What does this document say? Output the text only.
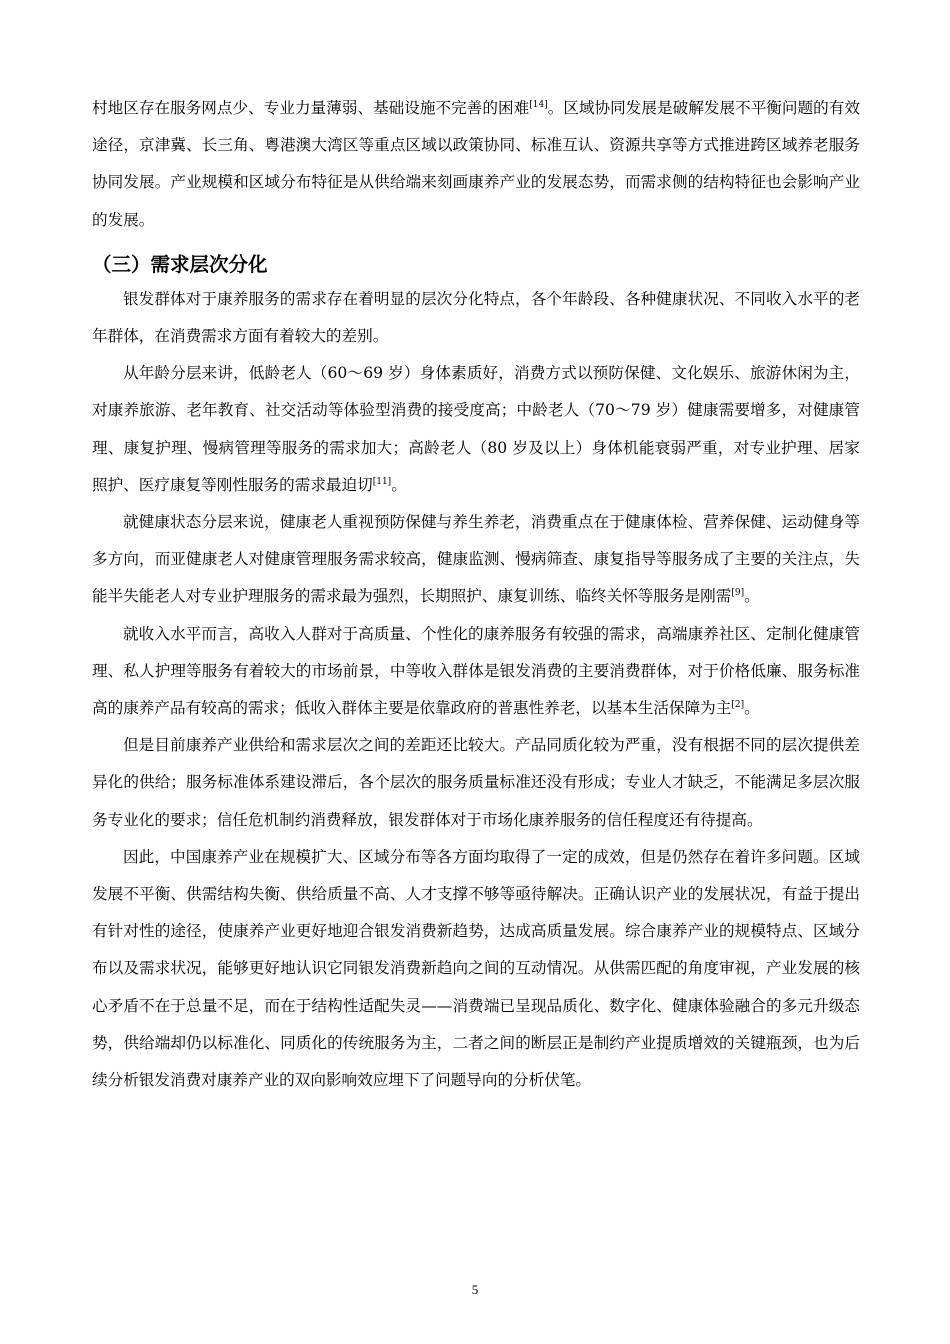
村地区存在服务网点少、专业力量薄弱、基础设施不完善的困难[14]。区域协同发展是破解发展不平衡问题的有效途径，京津冀、长三角、粤港澳大湾区等重点区域以政策协同、标准互认、资源共享等方式推进跨区域养老服务协同发展。产业规模和区域分布特征是从供给端来刻画康养产业的发展态势，而需求侧的结构特征也会影响产业的发展。

（三）需求层次分化

银发群体对于康养服务的需求存在着明显的层次分化特点，各个年龄段、各种健康状况、不同收入水平的老年群体，在消费需求方面有着较大的差别。

从年龄分层来讲，低龄老人（60～69 岁）身体素质好，消费方式以预防保健、文化娱乐、旅游休闲为主，对康养旅游、老年教育、社交活动等体验型消费的接受度高；中龄老人（70～79 岁）健康需要增多，对健康管理、康复护理、慢病管理等服务的需求加大；高龄老人（80 岁及以上）身体机能衰弱严重，对专业护理、居家照护、医疗康复等刚性服务的需求最迫切[11]。

就健康状态分层来说，健康老人重视预防保健与养生养老，消费重点在于健康体检、营养保健、运动健身等多方向，而亚健康老人对健康管理服务需求较高，健康监测、慢病筛查、康复指导等服务成了主要的关注点，失能半失能老人对专业护理服务的需求最为强烈，长期照护、康复训练、临终关怀等服务是刚需[9]。

就收入水平而言，高收入人群对于高质量、个性化的康养服务有较强的需求，高端康养社区、定制化健康管理、私人护理等服务有着较大的市场前景，中等收入群体是银发消费的主要消费群体，对于价格低廉、服务标准高的康养产品有较高的需求；低收入群体主要是依靠政府的普惠性养老，以基本生活保障为主[2]。

但是目前康养产业供给和需求层次之间的差距还比较大。产品同质化较为严重，没有根据不同的层次提供差异化的供给；服务标准体系建设滞后，各个层次的服务质量标准还没有形成；专业人才缺乏，不能满足多层次服务专业化的要求；信任危机制约消费释放，银发群体对于市场化康养服务的信任程度还有待提高。

因此，中国康养产业在规模扩大、区域分布等各方面均取得了一定的成效，但是仍然存在着许多问题。区域发展不平衡、供需结构失衡、供给质量不高、人才支撑不够等亟待解决。正确认识产业的发展状况，有益于提出有针对性的途径，使康养产业更好地迎合银发消费新趋势，达成高质量发展。综合康养产业的规模特点、区域分布以及需求状况，能够更好地认识它同银发消费新趋向之间的互动情况。从供需匹配的角度审视，产业发展的核心矛盾不在于总量不足，而在于结构性适配失灵——消费端已呈现品质化、数字化、健康体验融合的多元升级态势，供给端却仍以标准化、同质化的传统服务为主，二者之间的断层正是制约产业提质增效的关键瓶颈，也为后续分析银发消费对康养产业的双向影响效应埋下了问题导向的分析伏笔。

5
